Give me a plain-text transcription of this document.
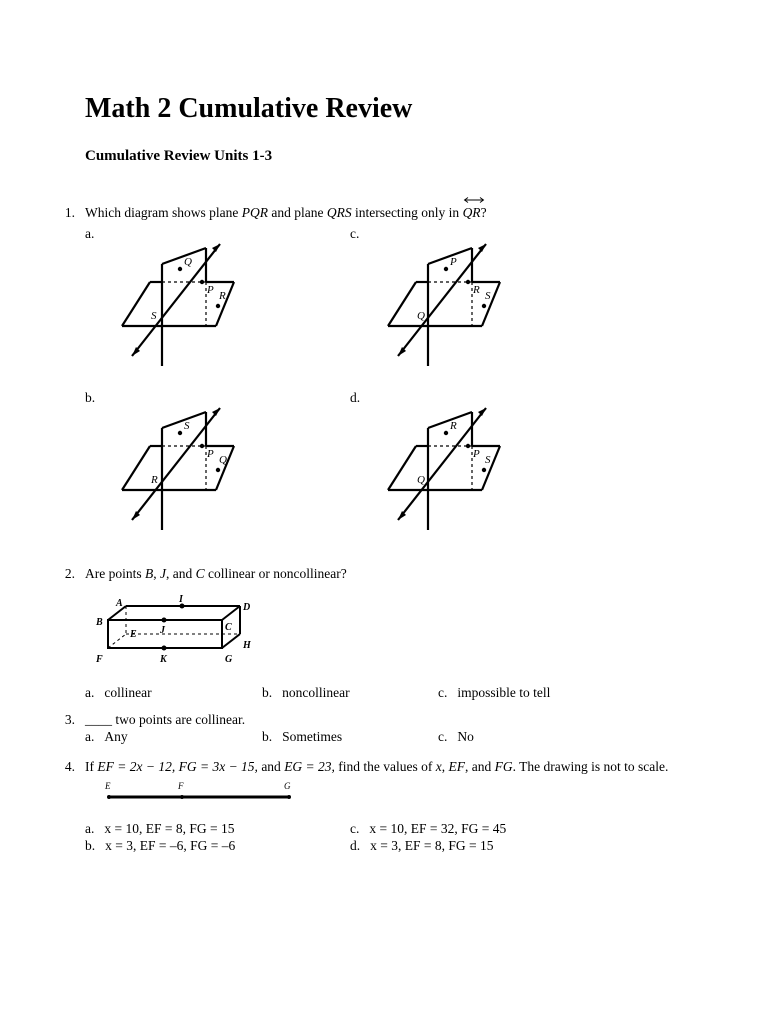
Math 2 Cumulative Review
Cumulative Review Units 1-3
1. Which diagram shows plane PQR and plane QRS intersecting only in
QR?
a.	c.
b.	d.
Q
P R
S
P
R S
Q
S
P Q
R
R
P S
Q
2. Are points B, J, and C collinear or noncollinear?
A	I
D
B	C
E J
H
F	K	G
a. collinear	b. noncollinear	c. impossible to tell
3. ____ two points are collinear.
a. Any	b. Sometimes	c. No
4. If EF = 2x − 12, FG = 3x − 15, and EG = 23, find the values of x, EF, and FG. The drawing is not to scale.
E	F	G
a. x = 10, EF = 8, FG = 15	c. x = 10, EF = 32, FG = 45
b. x = 3, EF = –6, FG = –6	d. x = 3, EF = 8, FG = 15
